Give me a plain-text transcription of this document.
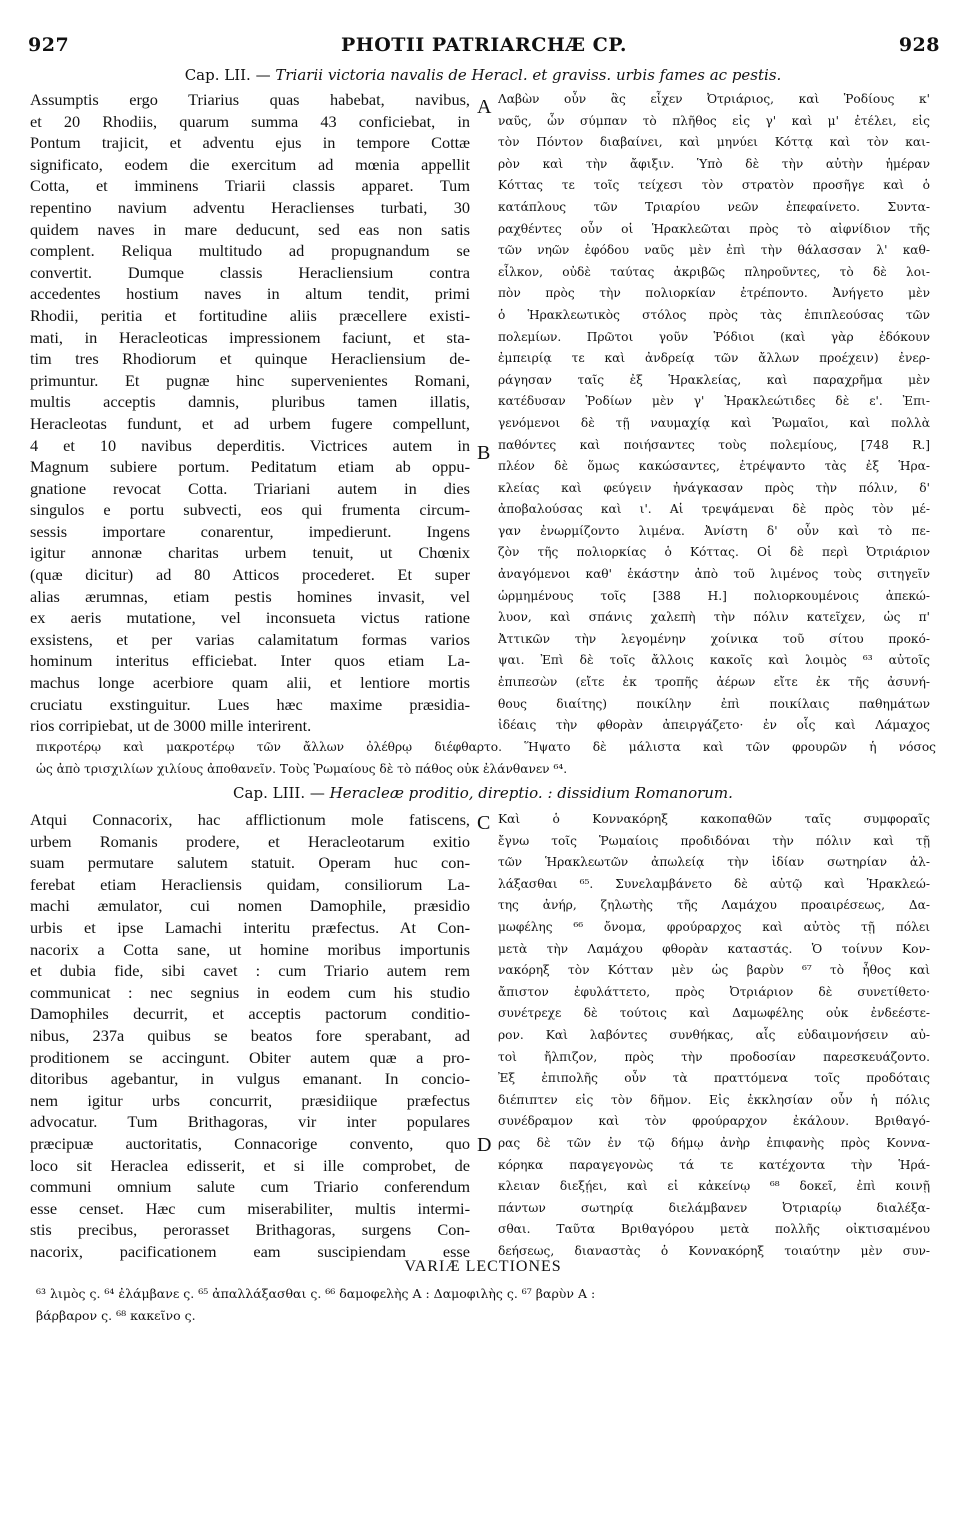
927	PHOTII PATRIARCHÆ CP.	928
Cap. LII. — Triarii victoria navalis de Heracl. et graviss. urbis fames ac pestis.
Assumptis ergo Triarius quas habebat, navibus,
et 20 Rhodiis, quarum summa 43 conficiebat, in
Pontum trajicit, et adventu ejus in tempore Cottæ
significato, eodem die exercitum ad mœnia appellit
Cotta, et imminens Triarii classis apparet. Tum
repentino navium adventu Heraclienses turbati, 30
quidem naves in mare deducunt, sed eas non satis
complent. Reliqua multitudo ad propugnandum se
convertit. Dumque classis Heracliensium contra
accedentes hostium naves in altum tendit, primi
Rhodii, peritia et fortitudine aliis præcellere existi-
mati, in Heracleoticas impressionem faciunt, et sta-
tim tres Rhodiorum et quinque Heracliensium de-
primuntur. Et pugnæ hinc supervenientes Romani,
multis acceptis damnis, pluribus tamen illatis,
Heracleotas fundunt, et ad urbem fugere compellunt,
4 et 10 navibus deperditis. Victrices autem in
Magnum subiere portum. Peditatum etiam ab oppu-
gnatione revocat Cotta. Triariani autem in dies
singulos e portu subvecti, eos qui frumenta circum-
sessis importare conarentur, impedierunt. Ingens
igitur annonæ charitas urbem tenuit, ut Chœnix
(quæ dicitur) ad 80 Atticos procederet. Et super
alias ærumnas, etiam pestis homines invasit, vel
ex aeris mutatione, vel inconsueta victus ratione
exsistens, et per varias calamitatum formas varios
hominum interitus efficiebat. Inter quos etiam La-
machus longe acerbiore quam alii, et lentiore mortis
cruciatu exstinguitur. Lues hæc maxime præsidia-
rios corripiebat, ut de 3000 mille interirent.
Λαβὼν οὖν ἃς εἶχεν Ὀτριάριος, καὶ Ῥοδίους κ'
ναῦς, ὧν σύμπαν τὸ πλῆθος εἰς γ' καὶ μ' ἐτέλει, εἰς
τὸν Πόντον διαβαίνει, καὶ μηνύει Κόττᾳ καὶ τὸν και-
ρὸν καὶ τὴν ἄφιξιν. Ὑπὸ δὲ τὴν αὐτὴν ἡμέραν
Κόττας τε τοῖς τείχεσι τὸν στρατὸν προσῆγε καὶ ὁ
κατάπλους τῶν Τριαρίου νεῶν ἐπεφαίνετο. Συντα-
ραχθέντες οὖν οἱ Ἡρακλεῶται πρὸς τὸ αἰφνίδιον τῆς
τῶν νηῶν ἐφόδου ναῦς μὲν ἐπὶ τὴν θάλασσαν λ' καθ-
εἷλκον, οὐδὲ ταύτας ἀκριβῶς πληροῦντες, τὸ δὲ λοι-
πὸν πρὸς τὴν πολιορκίαν ἐτρέποντο. Ἀνήγετο μὲν
ὁ Ἡρακλεωτικὸς στόλος πρὸς τὰς ἐπιπλεούσας τῶν
πολεμίων. Πρῶτοι γοῦν Ῥόδιοι (καὶ γὰρ ἐδόκουν
ἐμπειρίᾳ τε καὶ ἀνδρείᾳ τῶν ἄλλων προέχειν) ἐνερ-
ράγησαν ταῖς ἐξ Ἡρακλείας, καὶ παραχρῆμα μὲν
κατέδυσαν Ῥοδίων μὲν γ' Ἡρακλεώτιδες δὲ ε'. Ἐπι-
γενόμενοι δὲ τῇ ναυμαχίᾳ καὶ Ῥωμαῖοι, καὶ πολλὰ
παθόντες καὶ ποιήσαντες τοὺς πολεμίους, [748 R.]
πλέον δὲ ὅμως κακώσαντες, ἐτρέψαντο τὰς ἐξ Ἡρα-
κλείας καὶ φεύγειν ἠνάγκασαν πρὸς τὴν πόλιν, δ'
ἀποβαλούσας καὶ ι'. Αἱ τρεψάμεναι δὲ πρὸς τὸν μέ-
γαν ἐνωρμίζοντο λιμένα. Ἀνίστη δ' οὖν καὶ τὸ πε-
ζὸν τῆς πολιορκίας ὁ Κόττας. Οἱ δὲ περὶ Ὀτριάριον
ἀναγόμενοι καθ' ἑκάστην ἀπὸ τοῦ λιμένος τοὺς σιτηγεῖν
ὡρμημένους τοῖς [388 H.] πολιορκουμένοις ἀπεκώ-
λυον, καὶ σπάνις χαλεπὴ τὴν πόλιν κατεῖχεν, ὡς π'
Ἀττικῶν τὴν λεγομένην χοίνικα τοῦ σίτου προκό-
ψαι. Ἐπὶ δὲ τοῖς ἄλλοις κακοῖς καὶ λοιμὸς ⁶³ αὐτοῖς
ἐπιπεσὼν (εἴτε ἐκ τροπῆς ἀέρων εἴτε ἐκ τῆς ἀσυνή-
θους διαίτης) ποικίλην ἐπὶ ποικίλαις παθημάτων
ἰδέαις τὴν φθορὰν ἀπειργάζετο· ἐν οἷς καὶ Λάμαχος
A
B
πικροτέρῳ καὶ μακροτέρῳ τῶν ἄλλων ὀλέθρῳ διέφθαρτο. Ἥψατο δὲ μάλιστα καὶ τῶν φρουρῶν ἡ νόσος
ὡς ἀπὸ τρισχιλίων χιλίους ἀποθανεῖν. Τοὺς Ῥωμαίους δὲ τὸ πάθος οὐκ ἐλάνθανεν ⁶⁴.
Cap. LIII. — Heracleæ proditio, direptio. : dissidium Romanorum.
Atqui Connacorix, hac afflictionum mole fatiscens,
urbem Romanis prodere, et Heracleotarum exitio
suam permutare salutem statuit. Operam huc con-
ferebat etiam Heracliensis quidam, consiliorum La-
machi æmulator, cui nomen Damophile, præsidio
urbis et ipse Lamachi interitu præfectus. At Con-
nacorix a Cotta sane, ut homine moribus importunis
et dubia fide, sibi cavet : cum Triario autem rem
communicat : nec segnius in eodem cum his studio
Damophiles decurrit, et acceptis pactorum conditio-
nibus, 237a quibus se beatos fore sperabant, ad
proditionem se accingunt. Obiter autem quæ a pro-
ditoribus agebantur, in vulgus emanant. In concio-
nem igitur urbs concurrit, præsidiique præfectus
advocatur. Tum Brithagoras, vir inter populares
præcipuæ auctoritatis, Connacorige convento, quo
loco sit Heraclea edisserit, et si ille comprobet, de
communi omnium salute cum Triario conferendum
esse censet. Hæc cum miserabiliter, multis intermi-
stis precibus, perorasset Brithagoras, surgens Con-
nacorix, pacificationem eam suscipiendam esse
Καὶ ὁ Κοννακόρηξ κακοπαθῶν ταῖς συμφοραῖς
ἔγνω τοῖς Ῥωμαίοις προδιδόναι τὴν πόλιν καὶ τῇ
τῶν Ἡρακλεωτῶν ἀπωλείᾳ τὴν ἰδίαν σωτηρίαν ἀλ-
λάξασθαι ⁶⁵. Συνελαμβάνετο δὲ αὐτῷ καὶ Ἡρακλεώ-
της ἀνήρ, ζηλωτὴς τῆς Λαμάχου προαιρέσεως, Δα-
μωφέλης ⁶⁶ ὄνομα, φρούραρχος καὶ αὐτὸς τῇ πόλει
μετὰ τὴν Λαμάχου φθορὰν καταστάς. Ὁ τοίνυν Κον-
νακόρηξ τὸν Κότταν μὲν ὡς βαρὺν ⁶⁷ τὸ ἦθος καὶ
ἄπιστον ἐφυλάττετο, πρὸς Ὀτριάριον δὲ συνετίθετο·
συνέτρεχε δὲ τούτοις καὶ Δαμωφέλης οὐκ ἐνδεέστε-
ρον. Καὶ λαβόντες συνθήκας, αἷς εὐδαιμονήσειν αὐ-
τοὶ ἤλπιζον, πρὸς τὴν προδοσίαν παρεσκευάζοντο.
Ἐξ ἐπιπολῆς οὖν τὰ πραττόμενα τοῖς προδόταις
διέπιπτεν εἰς τὸν δῆμον. Εἰς ἐκκλησίαν οὖν ἡ πόλις
συνέδραμον καὶ τὸν φρούραρχον ἐκάλουν. Βριθαγό-
ρας δὲ τῶν ἐν τῷ δήμῳ ἀνὴρ ἐπιφανὴς πρὸς Κοννα-
κόρηκα παραγεγονὼς τά τε κατέχοντα τὴν Ἡρά-
κλειαν διεξῄει, καὶ εἰ κἀκείνῳ ⁶⁸ δοκεῖ, ἐπὶ κοινῇ
πάντων σωτηρίᾳ διελάμβανεν Ὀτριαρίῳ διαλέξα-
σθαι. Ταῦτα Βριθαγόρου μετὰ πολλῆς οἰκτισαμένου
δεήσεως, διαναστὰς ὁ Κοννακόρηξ τοιαύτην μὲν συν-
C
D
VARIÆ LECTIONES
⁶³ λιμὸς ς. ⁶⁴ ἐλάμβανε ς. ⁶⁵ ἀπαλλάξασθαι ς. ⁶⁶ δαμοφελὴς A : Δαμοφιλὴς ς. ⁶⁷ βαρὺν A :
βάρβαρον ς. ⁶⁸ κακεῖνο ς.
